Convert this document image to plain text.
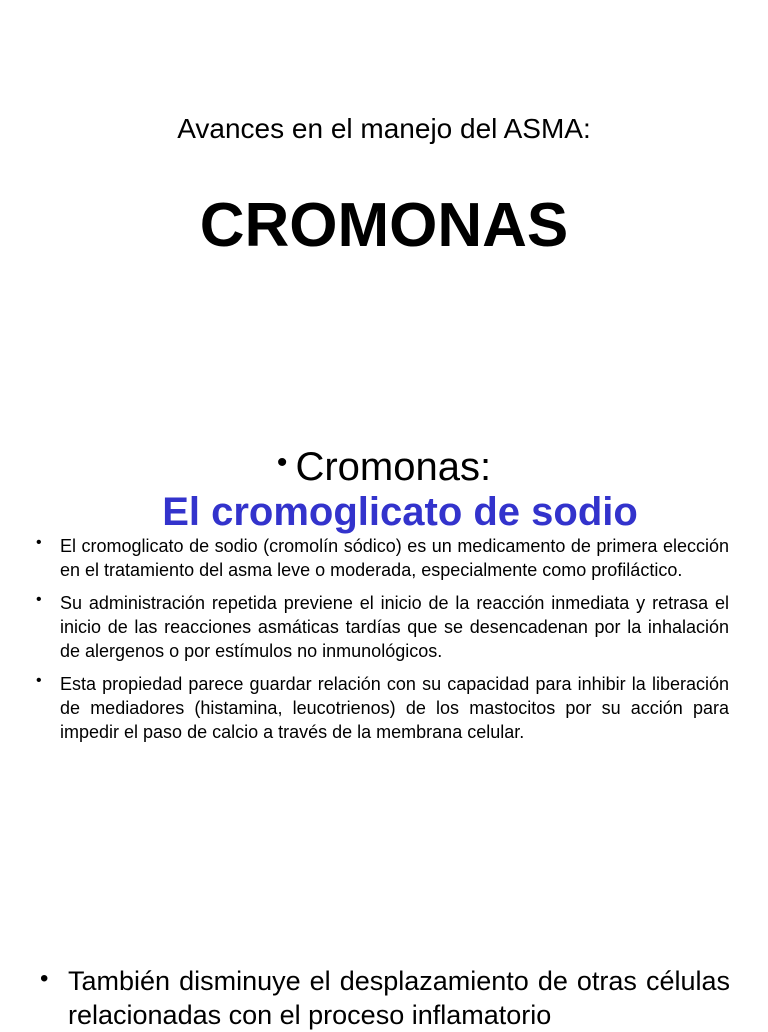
Avances en el manejo del ASMA:
CROMONAS
• Cromonas:
El cromoglicato de sodio
• El cromoglicato de sodio (cromolín sódico) es un medicamento de primera elección en el tratamiento del asma leve o moderada, especialmente como profiláctico.
• Su administración repetida previene el inicio de la reacción inmediata y retrasa el inicio de las reacciones asmáticas tardías que se desencadenan por la inhalación de alergenos o por estímulos no inmunológicos.
• Esta propiedad parece guardar relación con su capacidad para inhibir la liberación de mediadores (histamina, leucotrienos) de los mastocitos por su acción para impedir el paso de calcio a través de la membrana celular.
• También disminuye el desplazamiento de otras células relacionadas con el proceso inflamatorio
